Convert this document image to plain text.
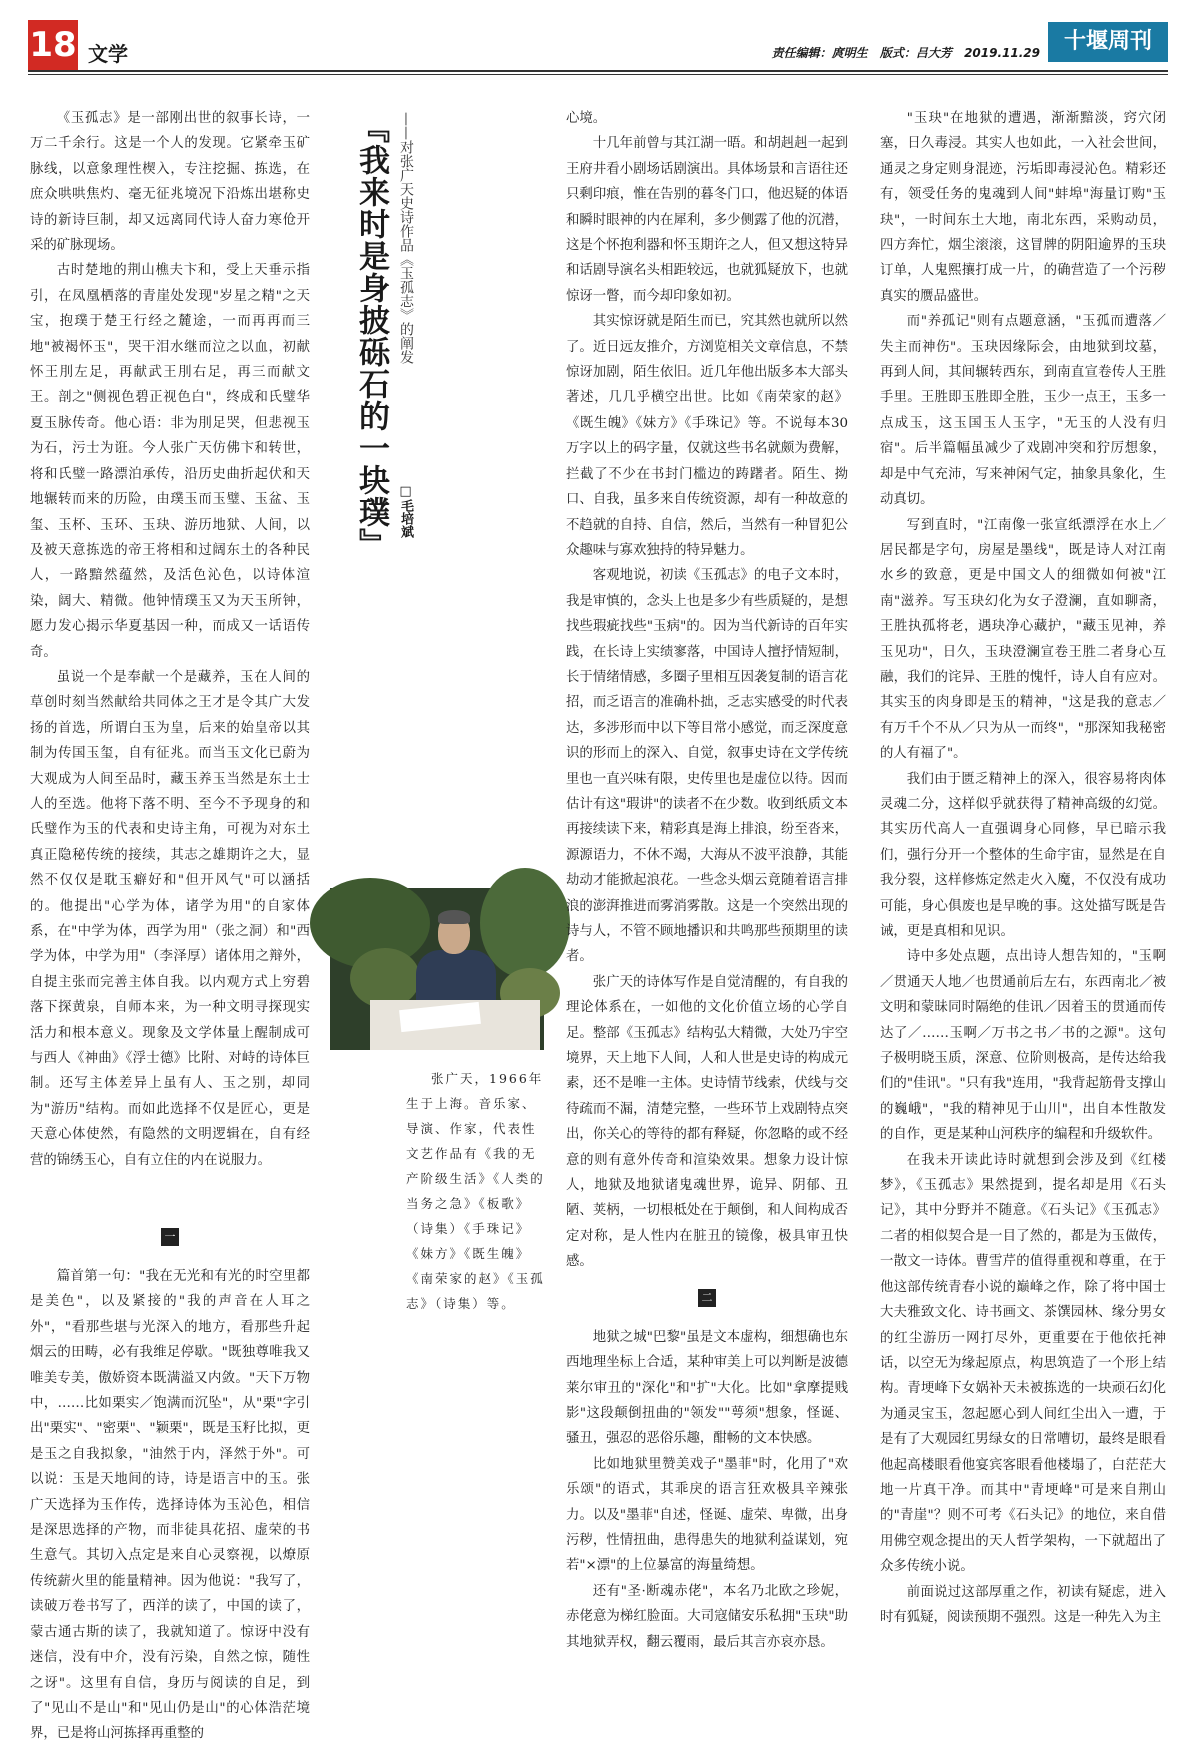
18 文学	责任编辑：庹明生 版式：吕大芳 2019.11.29	十堰周刊

《玉孤志》是一部刚出世的叙事长诗，一万二千余行。这是一个人的发现。它紧牵玉矿脉线，以意象理性楔入，专注挖掘、拣选，在庶众哄哄焦灼、毫无征兆境况下沿炼出堪称史诗的新诗巨制，却又远离同代诗人奋力寒伧开采的矿脉现场。

古时楚地的荆山樵夫卞和，受上天垂示指引，在凤凰栖落的青崖处发现"岁星之精"之天宝，抱璞于楚王行经之麓途，一而再再而三地"被褐怀玉"，哭干泪水继而泣之以血，初献怀王刖左足，再献武王刖右足，再三而献文王。剖之"侧视色碧正视色白"，终成和氏璧华夏玉脉传奇。他心语：非为刖足哭，但悲视玉为石，污士为诳。今人张广天仿佛卞和转世，将和氏璧一路漂泊承传，沿历史曲折起伏和天地辗转而来的历险，由璞玉而玉璧、玉盆、玉玺、玉杯、玉环、玉玦、游历地狱、人间，以及被天意拣选的帝王将相和过阔东土的各种民人，一路黯然蕴然，及活色沁色，以诗体渲染，阔大、精微。他钟情璞玉又为天玉所钟，愿力发心揭示华夏基因一种，而成又一话语传奇。

虽说一个是奉献一个是藏养，玉在人间的草创时刻当然献给共同体之王才是令其广大发扬的首选，所谓白玉为皇，后来的始皇帝以其制为传国玉玺，自有征兆。而当玉文化已蔚为大观成为人间至品时，藏玉养玉当然是东土士人的至选。他将下落不明、至今不予现身的和氏璧作为玉的代表和史诗主角，可视为对东土真正隐秘传统的接续，其志之雄期许之大，显然不仅仅是耽玉癖好和"但开风气"可以涵括的。他提出"心学为体，诸学为用"的自家体系，在"中学为体，西学为用"（张之洞）和"西学为体，中学为用"（李泽厚）诸体用之辩外，自提主张而完善主体自我。以内观方式上穷碧落下探黄泉，自师本来，为一种文明寻探现实活力和根本意义。现象及文学体量上醒制成可与西人《神曲》《浮士德》比附、对峙的诗体巨制。还写主体差异上虽有人、玉之别，却同为"游历"结构。而如此选择不仅是匠心，更是天意心体使然，有隐然的文明逻辑在，自有经营的锦绣玉心，自有立住的内在说服力。

一

篇首第一句："我在无光和有光的时空里都是美色"，以及紧接的"我的声音在人耳之外"，"看那些堪与光深入的地方，看那些升起烟云的田畴，必有我维足停歇。"既独尊唯我又唯美专美，傲娇资本既满溢又内敛。"天下万物中，……比如栗实／饱满而沉坠"，从"栗"字引出"栗实"、"密栗"、"颖栗"，既是玉籽比拟，更是玉之自我拟象，"油然于内，泽然于外"。可以说：玉是天地间的诗，诗是语言中的玉。张广天选择为玉作传，选择诗体为玉沁色，相信是深思选择的产物，而非徒具花招、虚荣的书生意气。其切入点定是来自心灵察视，以燎原传统薪火里的能量精神。因为他说："我写了，读破万卷书写了，西洋的读了，中国的读了，蒙古通古斯的读了，我就知道了。惊讶中没有迷信，没有中介，没有污染，自然之惊，随性之讶"。这里有自信，身历与阅读的自足，到了"见山不是山"和"见山仍是山"的心体浩茫境界，已是将山河拣择再重整的

『我来时是身披砾石的一块璞』 ——对张广天史诗作品《玉孤志》的阐发
□毛培斌

张广天，1966年生于上海。音乐家、导演、作家，代表性文艺作品有《我的无产阶级生活》《人类的当务之急》《板歌》（诗集）《手珠记》《妹方》《既生魄》《南荣家的赵》《玉孤志》（诗集）等。

心境。

十几年前曾与其江湖一晤。和胡赳赳一起到王府井看小剧场话剧演出。具体场景和言语往还只剩印痕，惟在告别的暮冬门口，他迟疑的体语和瞬时眼神的内在犀利，多少侧露了他的沉潜，这是个怀抱利器和怀玉期许之人，但又想这特异和话剧导演名头相距较远，也就狐疑放下，也就惊讶一瞥，而今却印象如初。

其实惊讶就是陌生而已，究其然也就所以然了。近日远友推介，方浏览相关文章信息，不禁惊讶加剧，陌生依旧。近几年他出版多本大部头著述，几几乎横空出世。比如《南荣家的赵》《既生魄》《妹方》《手珠记》等。不说每本30万字以上的码字量，仅就这些书名就颇为费解，拦截了不少在书封门槛边的踌躇者。陌生、拗口、自我，虽多来自传统资源，却有一种故意的不趋就的自持、自信，然后，当然有一种冒犯公众趣味与寡欢独持的特异魅力。

客观地说，初读《玉孤志》的电子文本时，我是审慎的，念头上也是多少有些质疑的，是想找些瑕疵找些"玉病"的。因为当代新诗的百年实践，在长诗上实绩寥落，中国诗人擅抒情短制，长于情绪情感，多圈子里相互因袭复制的语言花招，而乏语言的准确朴拙，乏志实感受的时代表达，多涉形而中以下等目常小感觉，而乏深度意识的形而上的深入、自觉，叙事史诗在文学传统里也一直兴味有限，史传里也是虚位以待。因而估计有这"瑕讲"的读者不在少数。收到纸质文本再接续读下来，精彩真是海上排浪，纷至沓来，源源语力，不休不竭，大海从不波平浪静，其能劫动才能掀起浪花。一些念头烟云竟随着语言排浪的澎湃推进而雾消雾散。这是一个突然出现的诗与人，不管不顾地播识和共鸣那些预期里的读者。

张广天的诗体写作是自觉清醒的，有自我的理论体系在，一如他的文化价值立场的心学自足。整部《玉孤志》结构弘大精微，大处乃宇空境界，天上地下人间，人和人世是史诗的构成元素，还不是唯一主体。史诗情节线索，伏线与交待疏而不漏，清楚完整，一些环节上戏剧特点突出，你关心的等待的都有释疑，你忽略的或不经意的则有意外传奇和渲染效果。想象力设计惊人，地狱及地狱诸鬼魂世界，诡异、阴郁、丑陋、荚柄，一切根柢处在于颠倒，和人间构成否定对称，是人性内在脏丑的镜像，极具审丑快感。

二

地狱之城"巴黎"虽是文本虚构，细想确也东西地理坐标上合适，某种审美上可以判断是波德莱尔审丑的"深化"和"扩"大化。比如"拿摩提贱影"这段颠倒扭曲的"领发""萼须"想象，怪诞、骚丑，强忍的恶俗乐趣，酣畅的文本快感。

比如地狱里赞美戏子"墨菲"时，化用了"欢乐颂"的语式，其乖戾的语言狂欢极具辛辣张力。以及"墨菲"自述，怪诞、虚荣、卑微，出身污秽，性情扭曲，患得患失的地狱利益谋划，宛若"×漂"的上位暴富的海量绮想。

还有"圣·断魂赤佬"，本名乃北欧之珍妮，赤佬意为梯红脸面。大司寇储安乐私拥"玉玦"助其地狱弄权，翻云覆雨，最后其言亦哀亦恳。

"玉玦"在地狱的遭遇，渐渐黯淡，窍穴闭塞，日久毒浸。其实人也如此，一入社会世间，通灵之身定则身混迹，污垢即毒浸沁色。精彩还有，领受任务的鬼魂到人间"蚌埠"海量订购"玉玦"，一时间东土大地，南北东西，采购动员，四方奔忙，烟尘滚滚，这冒牌的阴阳逾界的玉玦订单，人鬼熙攘打成一片，的确营造了一个污秽真实的赝品盛世。

而"养孤记"则有点题意涵，"玉孤而遭落／失主而神伤"。玉玦因缘际会，由地狱到坟墓，再到人间，其间辗转西东，到南直宣卷传人王胜手里。王胜即玉胜即全胜，玉少一点王，玉多一点成玉，这玉国玉人玉字，"无玉的人没有归宿"。后半篇幅虽减少了戏剧冲突和狞厉想象，却是中气充沛，写来神闲气定，抽象具象化，生动真切。

写到直时，"江南像一张宣纸漂浮在水上／居民都是字句，房屋是墨线"，既是诗人对江南水乡的致意，更是中国文人的细微如何被"江南"滋养。写玉玦幻化为女子澄澜，直如聊斋，王胜执孤将老，遇玦净心藏护，"藏玉见神，养玉见功"，日久，玉玦澄澜宣卷王胜二者身心互融，我们的诧异、王胜的愧忏，诗人自有应对。其实玉的肉身即是玉的精神，"这是我的意志／有万千个不从／只为从一而终"，"那深知我秘密的人有福了"。

我们由于匮乏精神上的深入，很容易将肉体灵魂二分，这样似乎就获得了精神高级的幻觉。其实历代高人一直强调身心同修，早已暗示我们，强行分开一个整体的生命宇宙，显然是在自我分裂，这样修炼定然走火入魔，不仅没有成功可能，身心俱废也是早晚的事。这处描写既是告诫，更是真相和见识。

诗中多处点题，点出诗人想告知的，"玉啊／贯通天人地／也贯通前后左右，东西南北／被文明和蒙昧同时隔绝的佳讯／因着玉的贯通而传达了／……玉啊／万书之书／书的之源"。这句子极明晓玉质，深意、位阶则极高，是传达给我们的"佳讯"。"只有我"连用，"我背起筋骨支撑山的巍峨"，"我的精神见于山川"，出自本性散发的自作，更是某种山河秩序的编程和升级软件。

在我未开读此诗时就想到会涉及到《红楼梦》，《玉孤志》果然提到，提名却是用《石头记》，其中分野并不随意。《石头记》《玉孤志》二者的相似契合是一目了然的，都是为玉做传，一散文一诗体。曹雪芹的值得重视和尊重，在于他这部传统青春小说的巅峰之作，除了将中国士大夫雅致文化、诗书画文、茶馔园林、缘分男女的红尘游历一网打尽外，更重要在于他依托神话，以空无为缘起原点，构思筑造了一个形上结构。青埂峰下女娲补天未被拣选的一块顽石幻化为通灵宝玉，忽起愿心到人间红尘出入一遭，于是有了大观园红男绿女的日常嘈切，最终是眼看他起高楼眼看他宴宾客眼看他楼塌了，白茫茫大地一片真干净。而其中"青埂峰"可是来自荆山的"青崖"？则不可考《石头记》的地位，来自借用佛空观念提出的天人哲学架构，一下就超出了众多传统小说。

前面说过这部厚重之作，初读有疑虑，进入时有狐疑，阅读预期不强烈。这是一种先入为主
